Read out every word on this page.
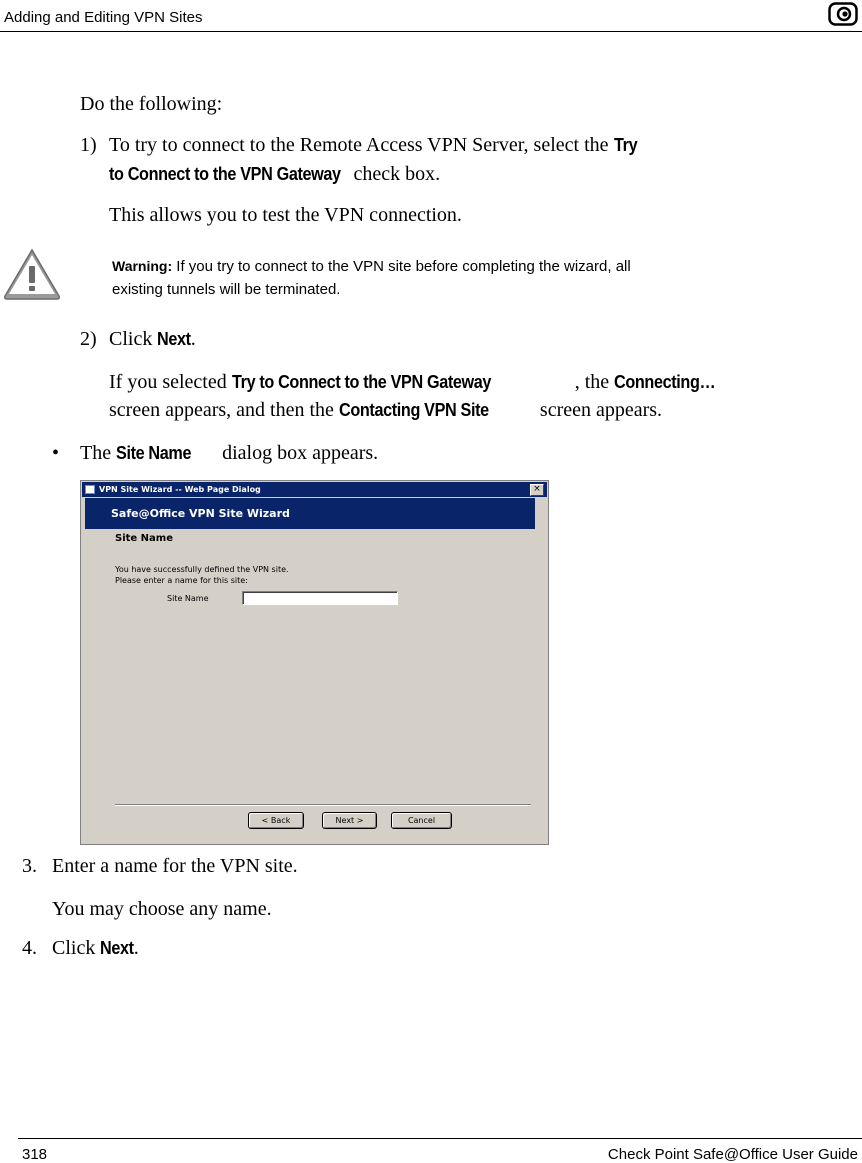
Adding and Editing VPN Sites
Do the following:
1) To try to connect to the Remote Access VPN Server, select the Try
to Connect to the VPN Gateway check box.
This allows you to test the VPN connection.
Warning: If you try to connect to the VPN site before completing the wizard, all
existing tunnels will be terminated.
2) Click Next.
If you selected Try to Connect to the VPN Gateway	, the Connecting…
screen appears, and then the Contacting VPN Site screen appears.
• The Site Name dialog box appears.
VPN Site Wizard -- Web Page Dialog	×
Safe@Office VPN Site Wizard
Site Name
You have successfully defined the VPN site.
Please enter a name for this site:
Site Name
< Back	Next >	Cancel
3. Enter a name for the VPN site.
You may choose any name.
4. Click Next.
318	Check Point Safe@Office User Guide
